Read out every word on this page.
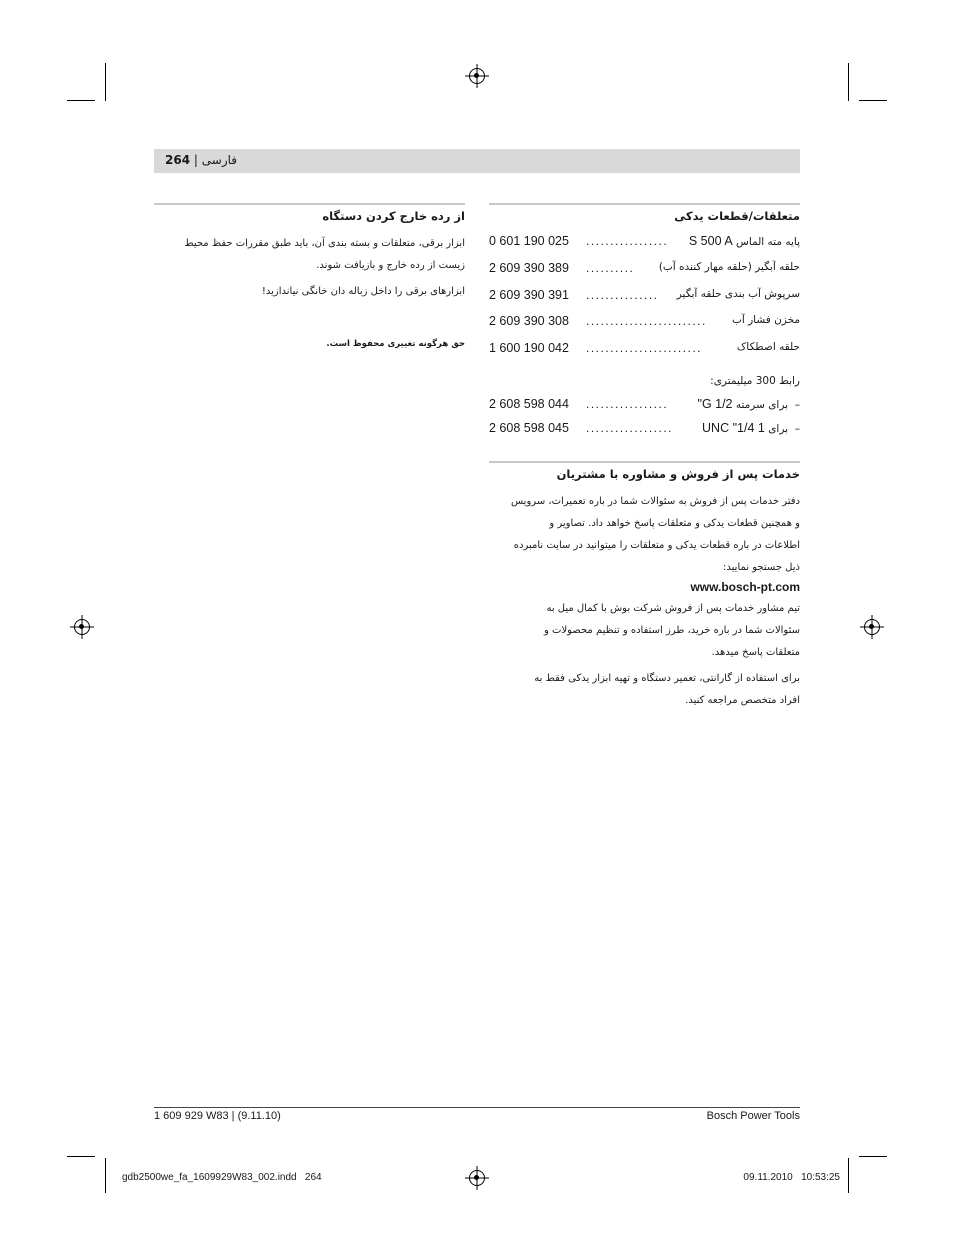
264 | فارسی
متعلقات/قطعات یدکی
0 601 190 025 .................	پایه مته الماس S 500 A
2 609 390 389 ..........	حلقه آبگیر (حلقه مهار کننده آب)
2 609 390 391 ...............	سرپوش آب بندی حلقه آبگیر
2 609 390 308 .........................	مخزن فشار آب
1 600 190 042 ........................	حلقه اصطکاک
رابط 300 میلیمتری:
2 608 598 044 .................	–  برای سرمته G 1/2"
2 608 598 045 ..................	–  برای 1 1/4" UNC
خدمات پس از فروش و مشاوره با مشتریان
دفتر خدمات پس از فروش به سئوالات شما در باره تعمیرات، سرویس
و همچنین قطعات یدکی و متعلقات پاسخ خواهد داد. تصاویر و
اطلاعات در باره قطعات یدکی و متعلقات را میتوانید در سایت نامبرده
ذیل جستجو نمایید:
www.bosch-pt.com
تیم مشاور خدمات پس از فروش شرکت بوش با کمال میل به
سئوالات شما در باره خرید، طرز استفاده و تنظیم محصولات و
متعلقات پاسخ میدهد.
برای استفاده از گارانتی، تعمیر دستگاه و تهیه ابزار یدکی فقط به
افراد متخصص مراجعه کنید.
از رده خارج کردن دستگاه
ابزار برقی، متعلقات و بسته بندی آن، باید طبق مقررات حفظ محیط
زیست از رده خارج و بازیافت شوند.
ابزارهای برقی را داخل زباله دان خانگی نیاندازید!
حق هرگونه تغییری محفوظ است.
1 609 929 W83 | (9.11.10)	Bosch Power Tools
gdb2500we_fa_1609929W83_002.indd   264	09.11.2010   10:53:25
